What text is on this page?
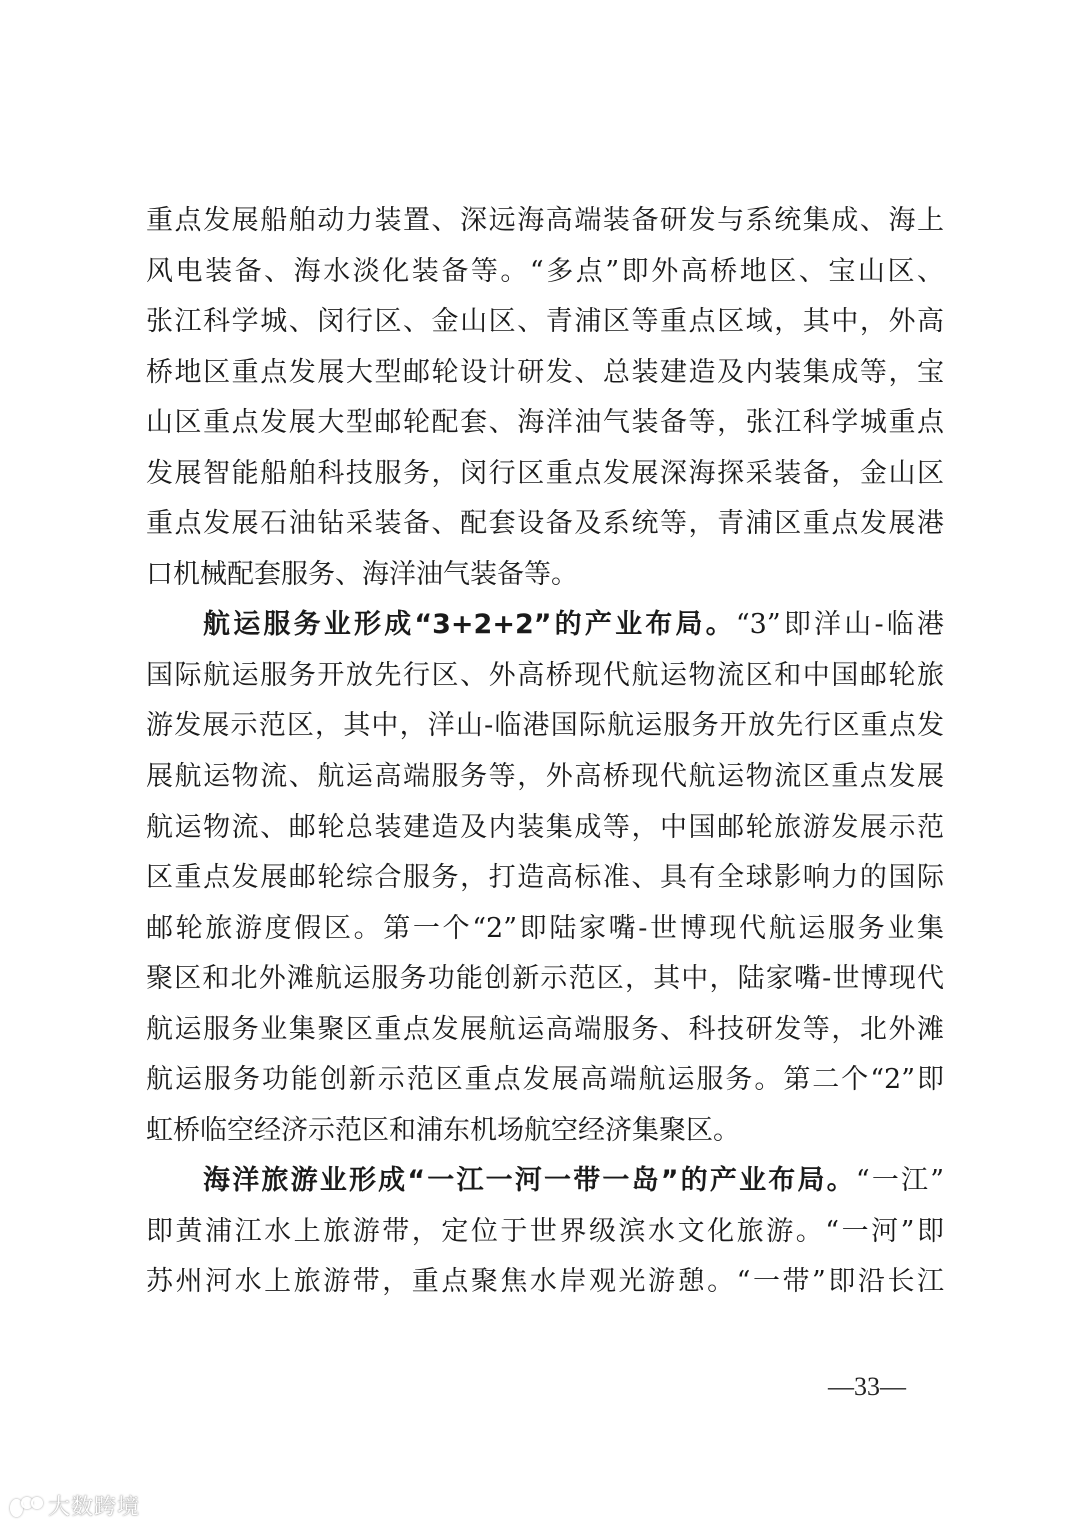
重点发展船舶动力装置、深远海高端装备研发与系统集成、海上
风电装备、海水淡化装备等。“多点”即外高桥地区、宝山区、
张江科学城、闵行区、金山区、青浦区等重点区域，其中，外高
桥地区重点发展大型邮轮设计研发、总装建造及内装集成等，宝
山区重点发展大型邮轮配套、海洋油气装备等，张江科学城重点
发展智能船舶科技服务，闵行区重点发展深海探采装备，金山区
重点发展石油钻采装备、配套设备及系统等，青浦区重点发展港
口机械配套服务、海洋油气装备等。
航运服务业形成“3+2+2”的产业布局。“3”即洋山-临港
国际航运服务开放先行区、外高桥现代航运物流区和中国邮轮旅
游发展示范区，其中，洋山-临港国际航运服务开放先行区重点发
展航运物流、航运高端服务等，外高桥现代航运物流区重点发展
航运物流、邮轮总装建造及内装集成等，中国邮轮旅游发展示范
区重点发展邮轮综合服务，打造高标准、具有全球影响力的国际
邮轮旅游度假区。第一个“2”即陆家嘴-世博现代航运服务业集
聚区和北外滩航运服务功能创新示范区，其中，陆家嘴-世博现代
航运服务业集聚区重点发展航运高端服务、科技研发等，北外滩
航运服务功能创新示范区重点发展高端航运服务。第二个“2”即
虹桥临空经济示范区和浦东机场航空经济集聚区。
海洋旅游业形成“一江一河一带一岛”的产业布局。“一江”
即黄浦江水上旅游带，定位于世界级滨水文化旅游。“一河”即
苏州河水上旅游带，重点聚焦水岸观光游憩。“一带”即沿长江
—33—
大数跨境
